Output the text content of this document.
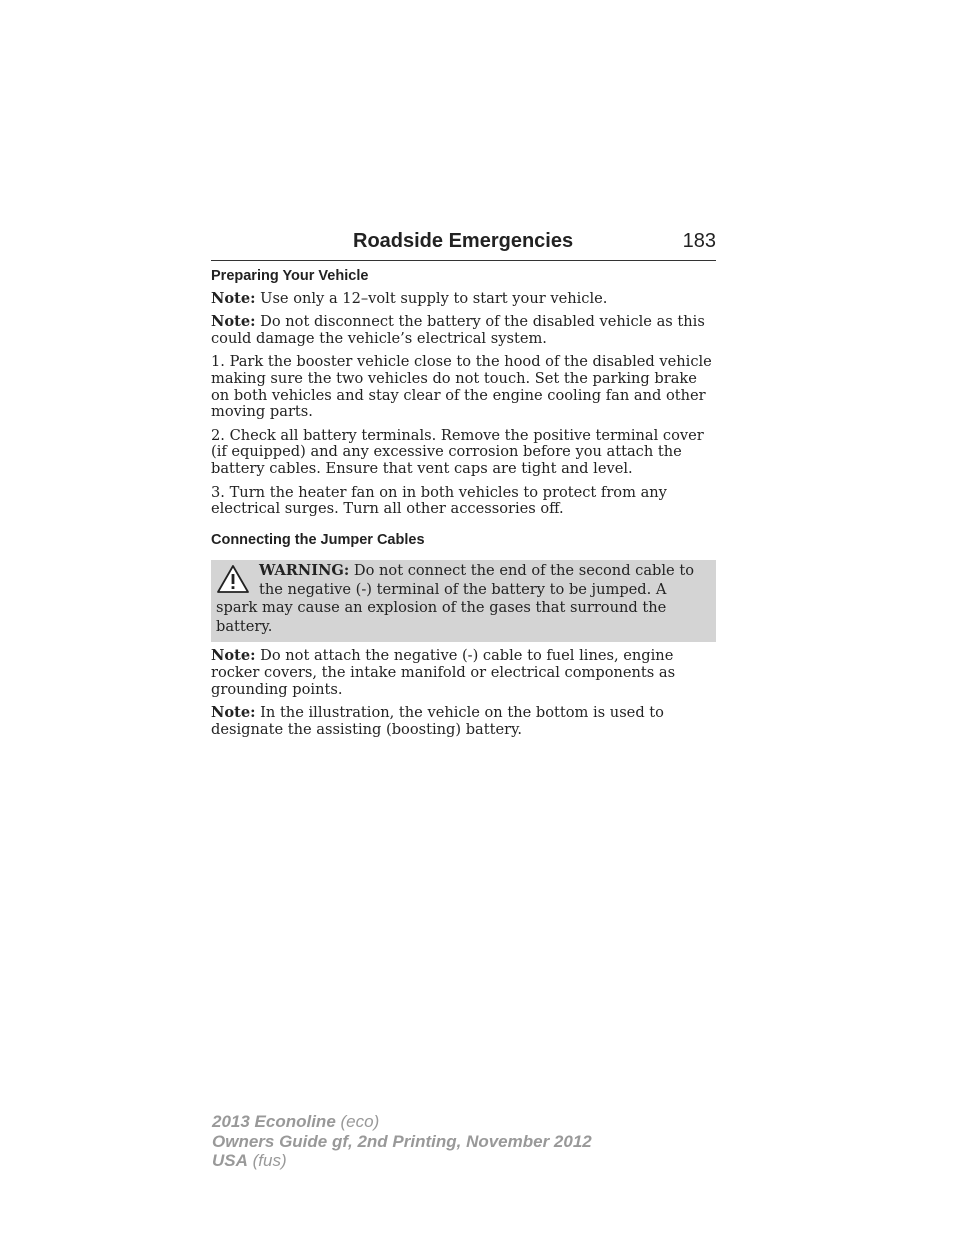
Roadside Emergencies	183
Preparing Your Vehicle

Note: Use only a 12–volt supply to start your vehicle.

Note: Do not disconnect the battery of the disabled vehicle as this could damage the vehicle’s electrical system.

1. Park the booster vehicle close to the hood of the disabled vehicle making sure the two vehicles do not touch. Set the parking brake on both vehicles and stay clear of the engine cooling fan and other moving parts.

2. Check all battery terminals. Remove the positive terminal cover (if equipped) and any excessive corrosion before you attach the battery cables. Ensure that vent caps are tight and level.

3. Turn the heater fan on in both vehicles to protect from any electrical surges. Turn all other accessories off.

Connecting the Jumper Cables
WARNING: Do not connect the end of the second cable to the negative (-) terminal of the battery to be jumped. A spark may cause an explosion of the gases that surround the battery.

Note: Do not attach the negative (-) cable to fuel lines, engine rocker covers, the intake manifold or electrical components as grounding points.

Note: In the illustration, the vehicle on the bottom is used to designate the assisting (boosting) battery.

2013 Econoline (eco)
Owners Guide gf, 2nd Printing, November 2012
USA (fus)
